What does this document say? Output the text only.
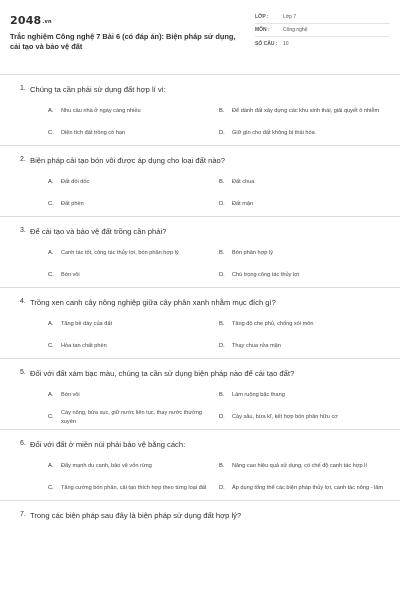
2048.vn
Trắc nghiệm Công nghệ 7 Bài 6 (có đáp án): Biện pháp sử dụng, cải tạo và bảo vệ đất
LỚP :	Lớp 7
MÔN :	Công nghệ
SỐ CÂU :	10
1. Chúng ta cần phải sử dụng đất hợp lí vì:
A.	Nhu cầu nhà ở ngày càng nhiều	B.	Để dành đất xây dựng các khu sinh thái, giải quyết ô nhiễm
C.	Diện tích đất trồng có hạn	D.	Giữ gìn cho đất không bị thái hóa
2. Biện pháp cải tạo bón vôi được áp dụng cho loại đất nào?
A.	Đất đồi dốc	B.	Đất chua
C.	Đất phèn	D.	Đất mặn
3. Để cải tạo và bảo vệ đất trồng cần phải?
A.	Canh tác tốt, công tác thủy lợi, bón phân hợp lý	B.	Bón phân hợp lý
C.	Bón vôi	D.	Chú trọng công tác thủy lợi
4. Trồng xen canh cây nông nghiệp giữa cây phân xanh nhằm mục đích gì?
A.	Tăng bề dày của đất	B.	Tăng độ che phủ, chống xói mòn
C.	Hòa tan chất phèn	D.	Thay chua rửa mặn
5. Đối với đất xám bạc màu, chúng ta cần sử dụng biện pháp nào để cải tạo đất?
A.	Bón vôi	B.	Làm ruộng bậc thang
C.
Cày nông, bừa sục, giữ nước liên tục, thay nước thường xuyên
D.	Cày sâu, bừa kĩ, kết hợp bón phân hữu cơ
6. Đối với đất ở miền núi phải bảo vệ bằng cách:
A.	Đẩy mạnh du canh, bảo vệ vốn rừng	B.	Nâng cao hiệu quả sử dụng, có chế độ canh tác hợp lí
C.	Tăng cường bón phân, cải tạo thích hợp theo từng loại đất	D.	Áp dụng tổng thể các biện pháp thủy lợi, canh tác nông - lâm
7. Trong các biện pháp sau đây là biện pháp sử dụng đất hợp lý?
